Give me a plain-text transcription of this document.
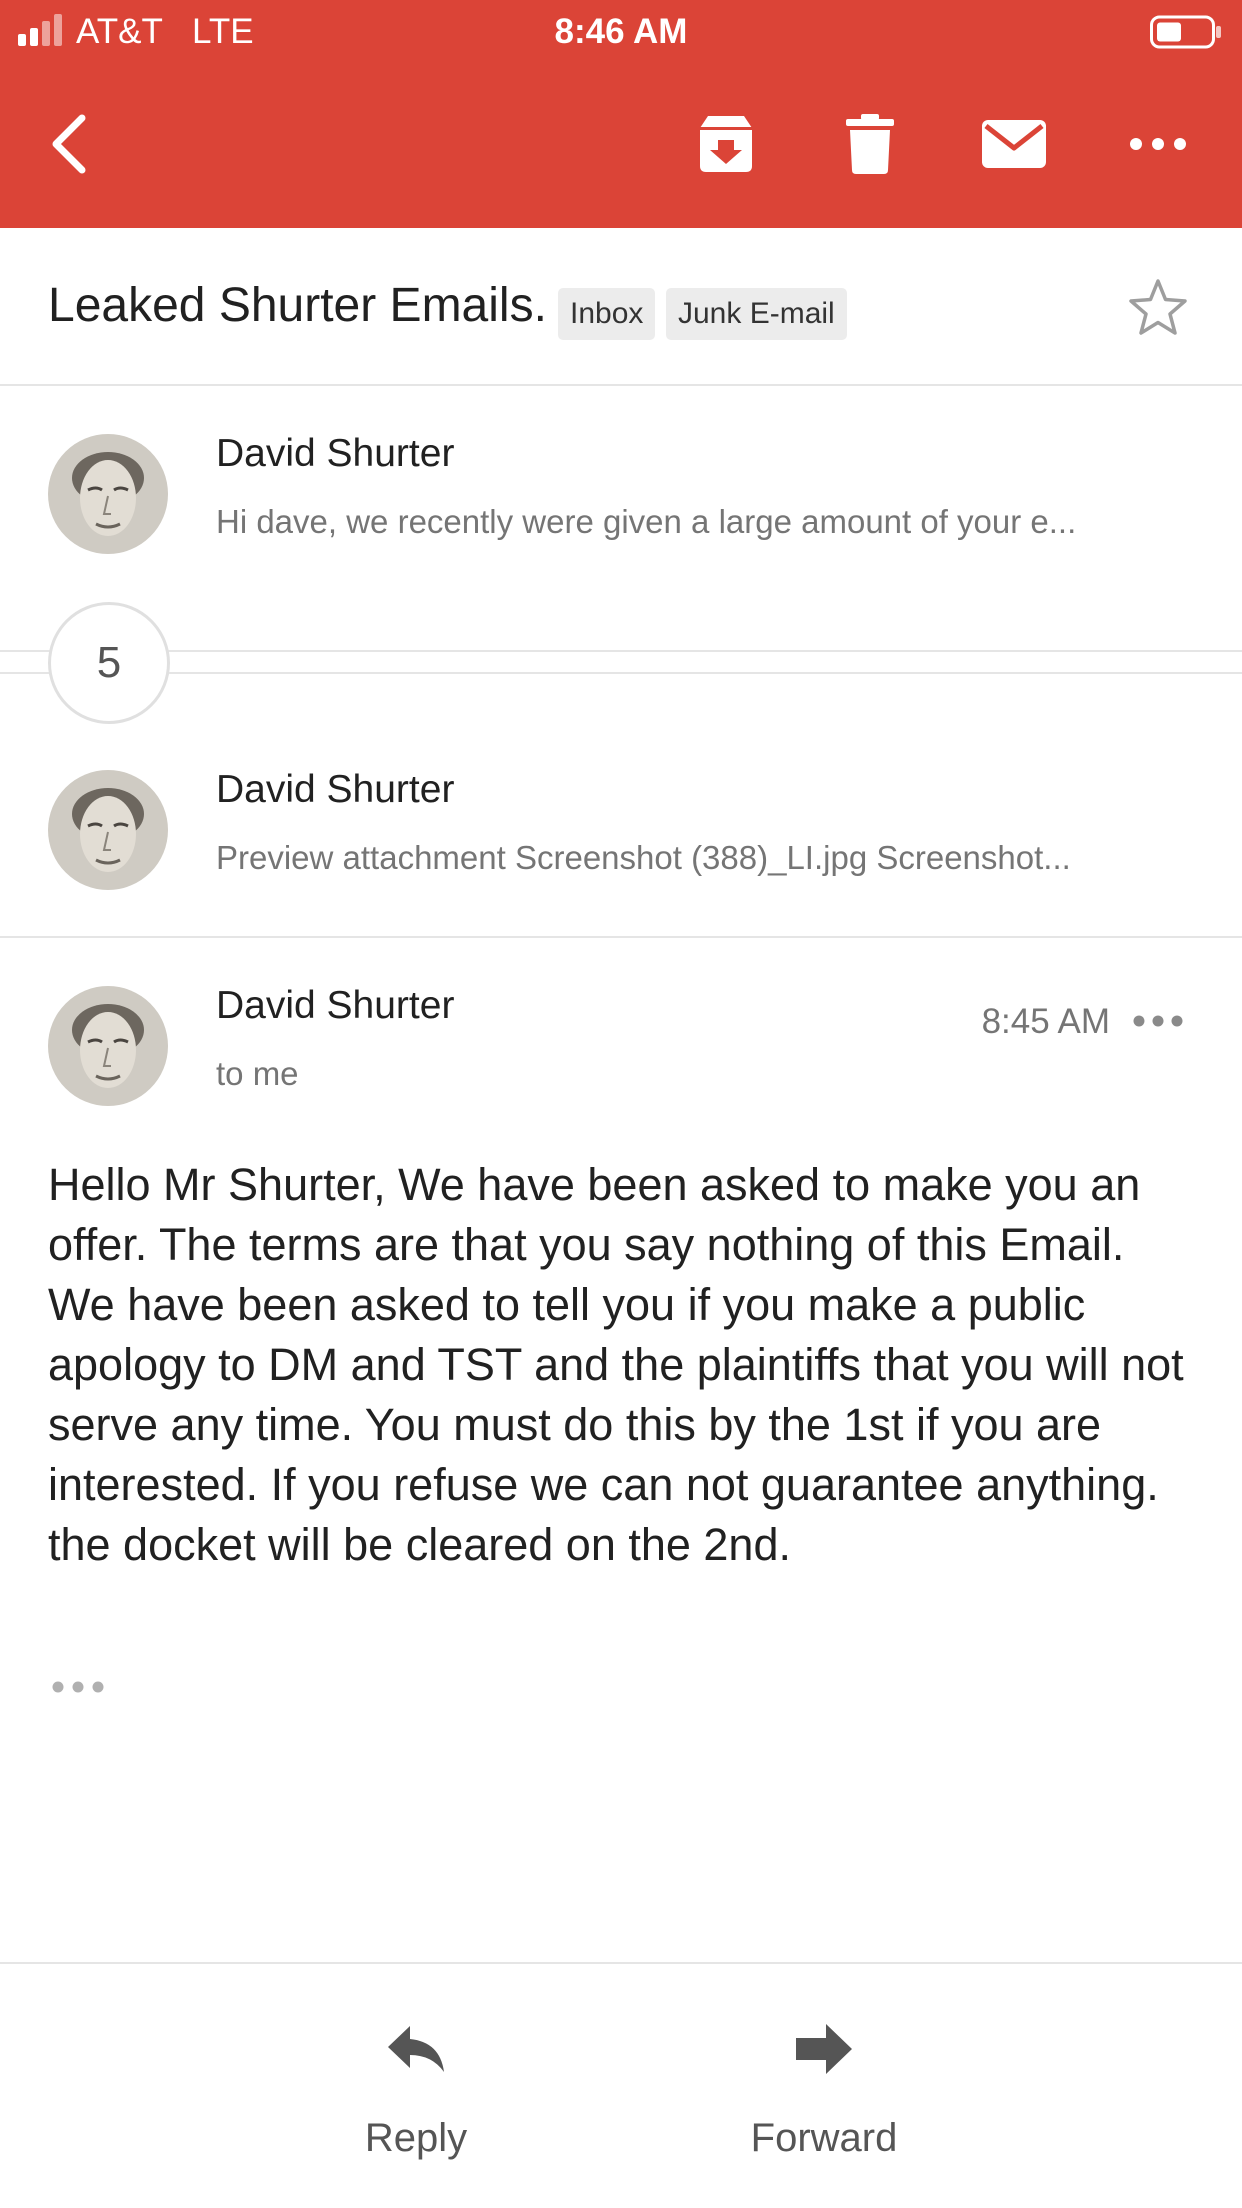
AT&T LTE	8:46 AM
Leaked Shurter Emails. Inbox	Junk E-mail
David Shurter
Hi dave, we recently were given a large amount of your e...
5
David Shurter
Preview attachment Screenshot (388)_LI.jpg Screenshot...
David Shurter
to me
8:45 AM
Hello Mr Shurter, We have been asked to make you an offer. The terms are that you say nothing of this Email. We have been asked to tell you if you make a public apology to DM and TST and the plaintiffs that you will not serve any time. You must do this by the 1st if you are interested. If you refuse we can not guarantee anything. the docket will be cleared on the 2nd.
Reply	Forward
